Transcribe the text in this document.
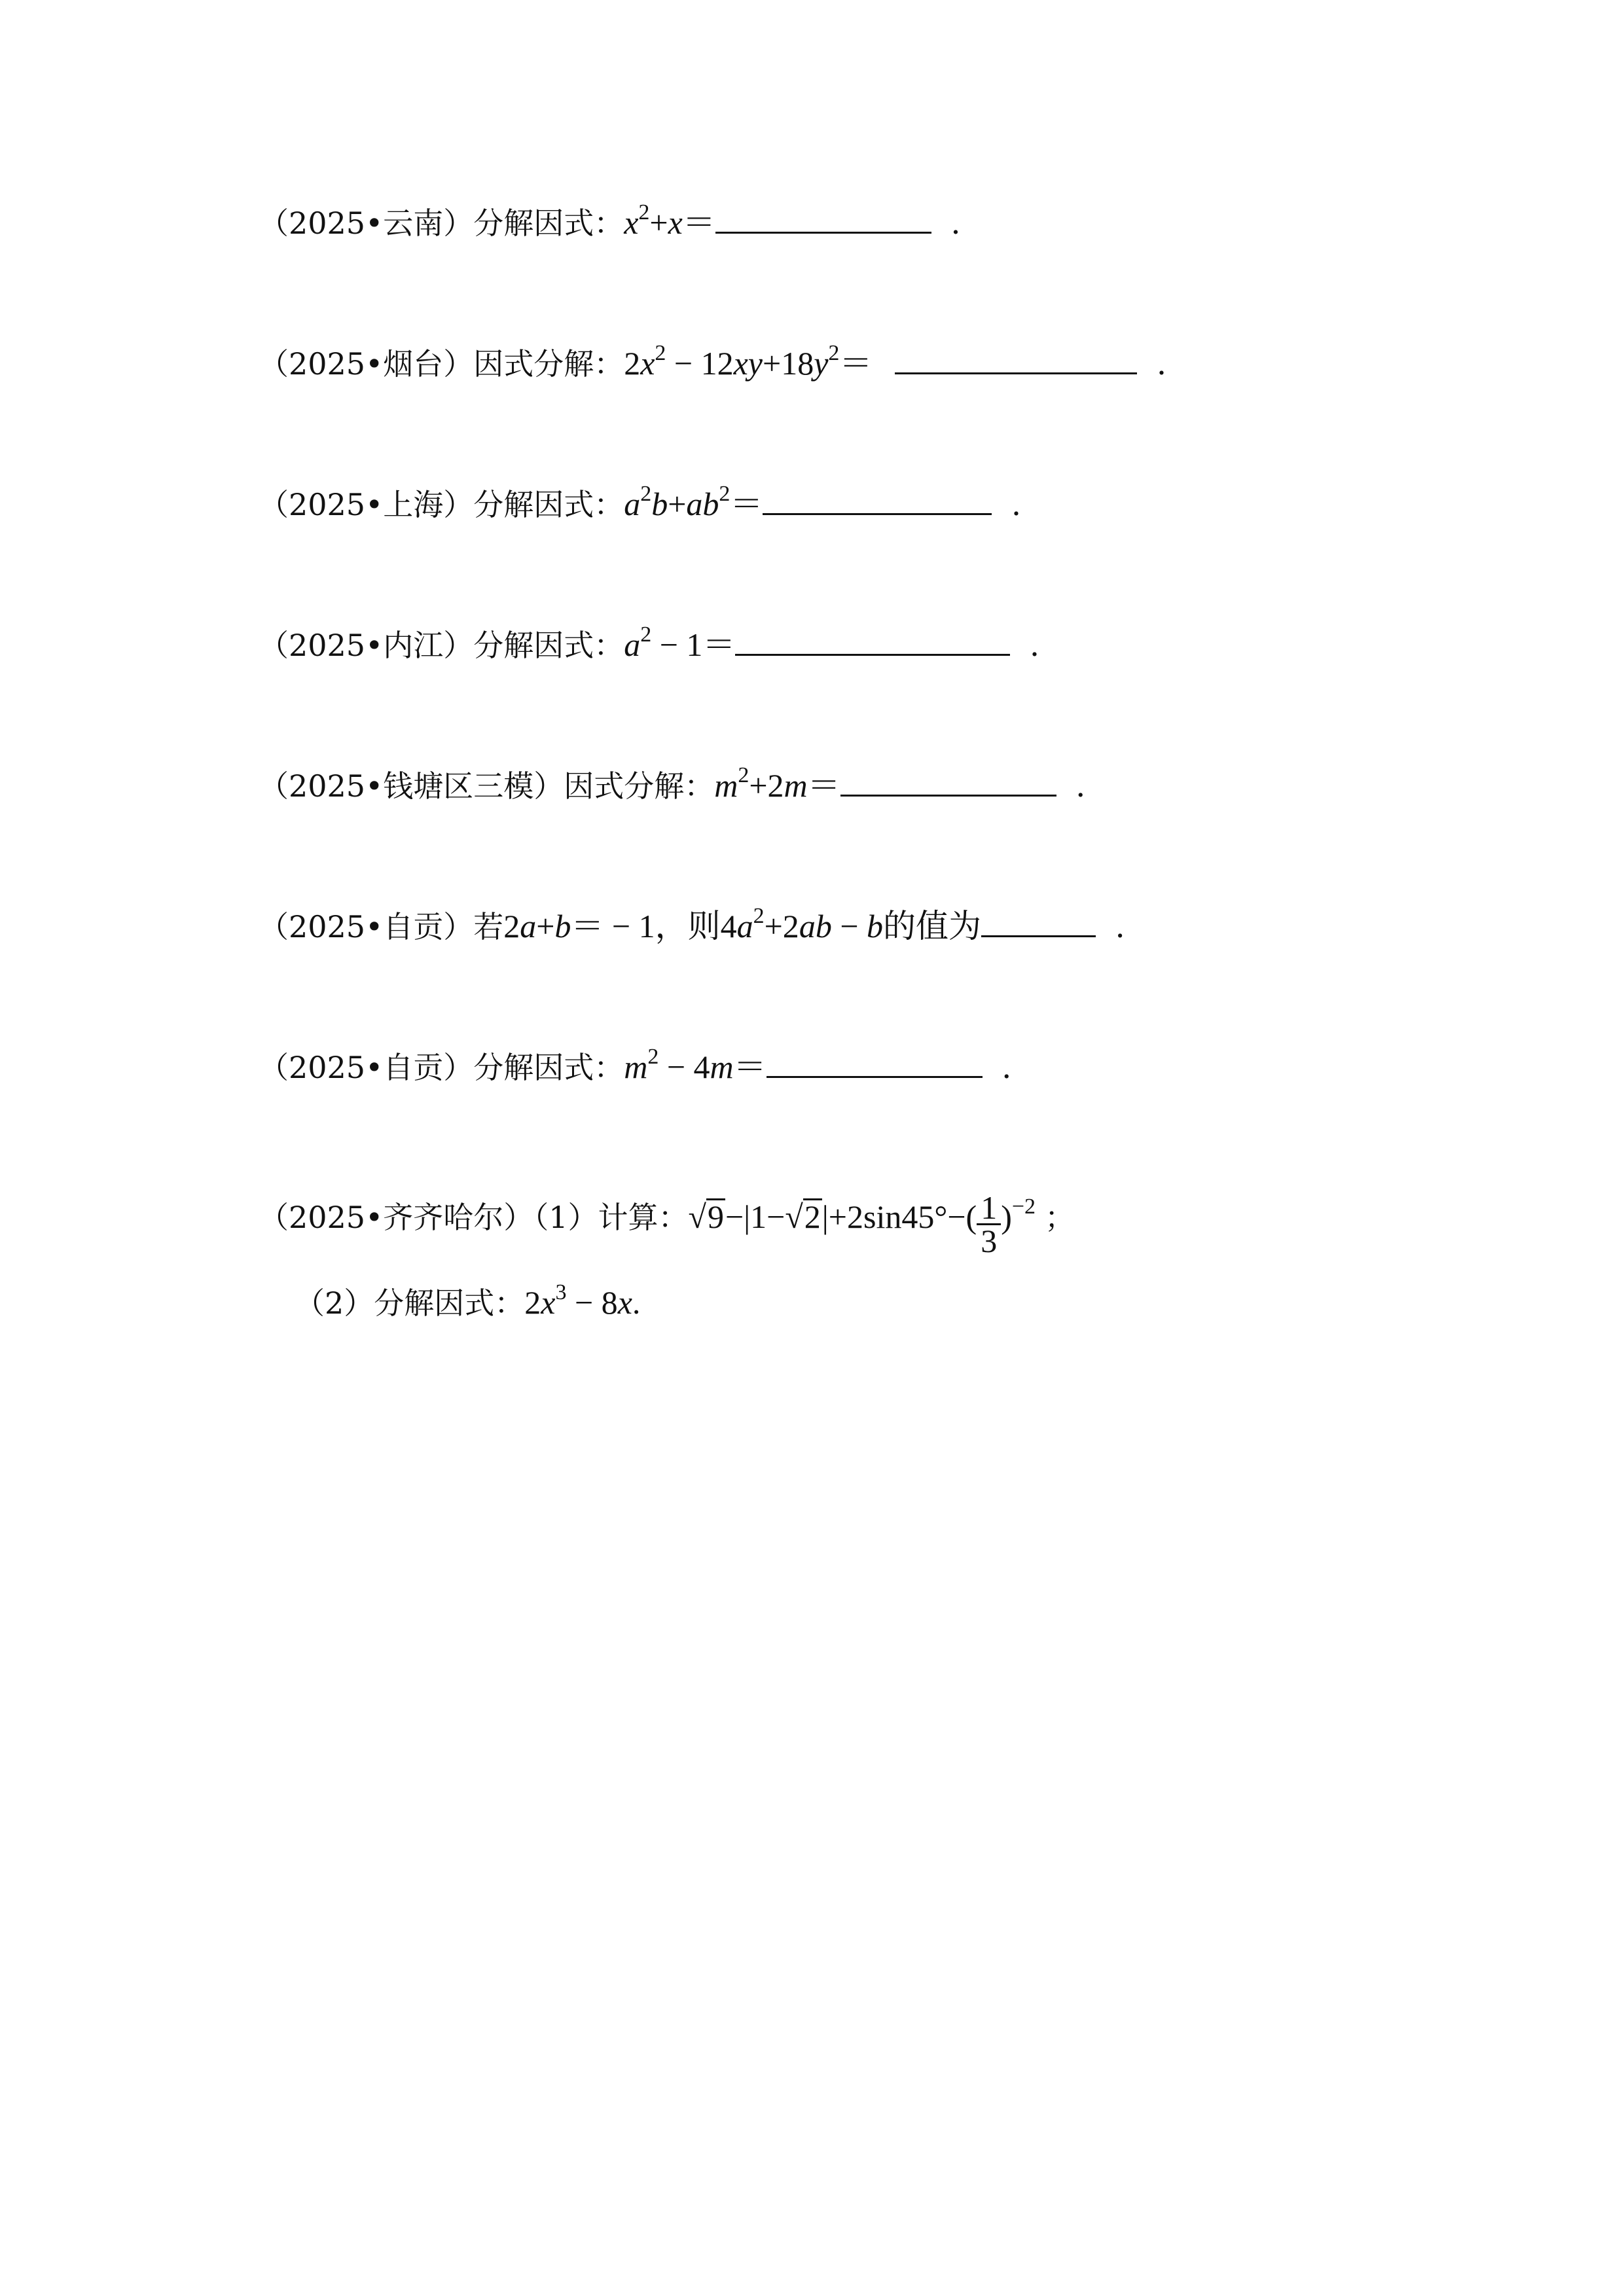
（2025•云南）分解因式：$x^2+x=$	．
（2025•烟台）因式分解：$2x^2 - 12xy+18y^2=$	．
（2025•上海）分解因式：$a^2b+ab^2=$	．
（2025•内江）分解因式：$a^2 - 1=$	．
（2025•钱塘区三模）因式分解：$m^2+2m=$	．
（2025•自贡）若2a+b＝ − 1，则$4a^2+2ab - b$的值为	．
（2025•自贡）分解因式：$m^2 - 4m=$	．
（2025•齐齐哈尔）（1）计算：$√9-|1-√2|+2\sin 45^\circ-( \frac{1}{3} )^{-2}$ ；
（2）分解因式：$2x^3 - 8x$.
